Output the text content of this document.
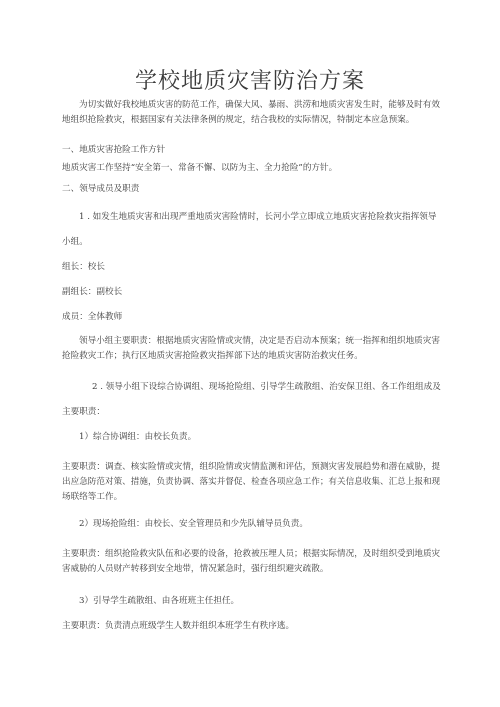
学校地质灾害防治方案
为切实做好我校地质灾害的防范工作，确保大风、暴雨、洪涝和地质灾害发生时，能够及时有效地组织抢险救灾，根据国家有关法律条例的规定，结合我校的实际情况，特制定本应急预案。
一、地质灾害抢险工作方针
地质灾害工作坚持“安全第一、常备不懈、以防为主、全力抢险”的方针。
二、领导成员及职责
1 . 如发生地质灾害和出现严重地质灾害险情时，长河小学立即成立地质灾害抢险救灾指挥领导小组。
组长：校长
副组长：副校长
成员：全体教师
领导小组主要职责：根据地质灾害险情或灾情，决定是否启动本预案；统一指挥和组织地质灾害抢险救灾工作；执行区地质灾害抢险救灾指挥部下达的地质灾害防治救灾任务。
2 . 领导小组下设综合协调组、现场抢险组、引导学生疏散组、治安保卫组、各工作组组成及主要职责：
1）综合协调组：由校长负责。
主要职责：调查、核实险情或灾情，组织险情或灾情监测和评估，预测灾害发展趋势和潜在威胁，提出应急防范对策、措施，负责协调、落实并督促、检查各项应急工作；有关信息收集、汇总上报和现场联络等工作。
2）现场抢险组：由校长、安全管理员和少先队辅导员负责。
主要职责：组织抢险救灾队伍和必要的设备，抢救被压埋人员；根据实际情况，及时组织受到地质灾害威胁的人员财产转移到安全地带，情况紧急时，强行组织避灾疏散。
3）引导学生疏散组、由各班班主任担任。
主要职责：负责清点班级学生人数并组织本班学生有秩序逃。
